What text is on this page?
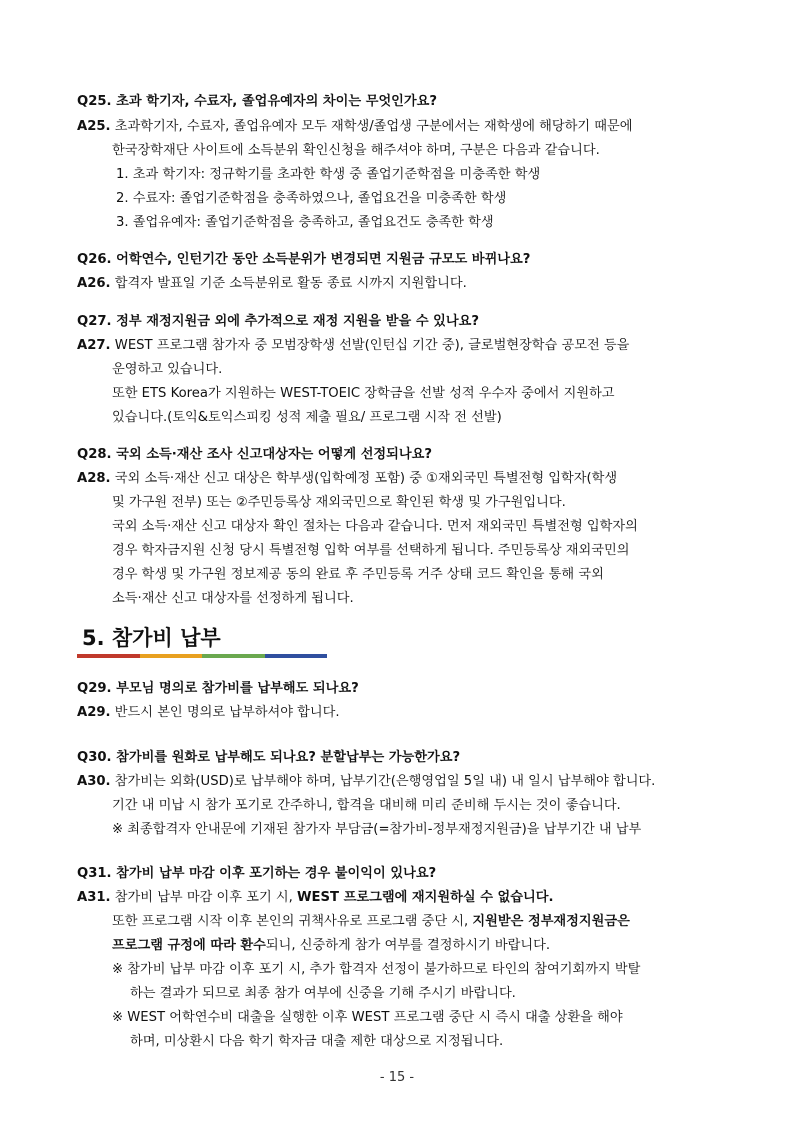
Q25. 초과 학기자, 수료자, 졸업유예자의 차이는 무엇인가요?
A25. 초과학기자, 수료자, 졸업유예자 모두 재학생/졸업생 구분에서는 재학생에 해당하기 때문에
한국장학재단 사이트에 소득분위 확인신청을 해주셔야 하며, 구분은 다음과 같습니다.
1. 초과 학기자: 정규학기를 초과한 학생 중 졸업기준학점을 미충족한 학생
2. 수료자: 졸업기준학점을 충족하였으나, 졸업요건을 미충족한 학생
3. 졸업유예자: 졸업기준학점을 충족하고, 졸업요건도 충족한 학생
Q26. 어학연수, 인턴기간 동안 소득분위가 변경되면 지원금 규모도 바뀌나요?
A26. 합격자 발표일 기준 소득분위로 활동 종료 시까지 지원합니다.
Q27. 정부 재정지원금 외에 추가적으로 재정 지원을 받을 수 있나요?
A27. WEST 프로그램 참가자 중 모범장학생 선발(인턴십 기간 중), 글로벌현장학습 공모전 등을
운영하고 있습니다.
또한 ETS Korea가 지원하는 WEST-TOEIC 장학금을 선발 성적 우수자 중에서 지원하고
있습니다.(토익&토익스피킹 성적 제출 필요/ 프로그램 시작 전 선발)
Q28. 국외 소득·재산 조사 신고대상자는 어떻게 선정되나요?
A28. 국외 소득·재산 신고 대상은 학부생(입학예정 포함) 중 ①재외국민 특별전형 입학자(학생
및 가구원 전부) 또는 ②주민등록상 재외국민으로 확인된 학생 및 가구원입니다.
국외 소득·재산 신고 대상자 확인 절차는 다음과 같습니다. 먼저 재외국민 특별전형 입학자의
경우 학자금지원 신청 당시 특별전형 입학 여부를 선택하게 됩니다. 주민등록상 재외국민의
경우 학생 및 가구원 정보제공 동의 완료 후 주민등록 거주 상태 코드 확인을 통해 국외
소득·재산 신고 대상자를 선정하게 됩니다.
5. 참가비 납부
Q29. 부모님 명의로 참가비를 납부해도 되나요?
A29. 반드시 본인 명의로 납부하셔야 합니다.
Q30. 참가비를 원화로 납부해도 되나요? 분할납부는 가능한가요?
A30. 참가비는 외화(USD)로 납부해야 하며, 납부기간(은행영업일 5일 내) 내 일시 납부해야 합니다.
기간 내 미납 시 참가 포기로 간주하니, 합격을 대비해 미리 준비해 두시는 것이 좋습니다.
※ 최종합격자 안내문에 기재된 참가자 부담금(=참가비-정부재정지원금)을 납부기간 내 납부
Q31. 참가비 납부 마감 이후 포기하는 경우 불이익이 있나요?
A31. 참가비 납부 마감 이후 포기 시, WEST 프로그램에 재지원하실 수 없습니다.
또한 프로그램 시작 이후 본인의 귀책사유로 프로그램 중단 시, 지원받은 정부재정지원금은
프로그램 규정에 따라 환수되니, 신중하게 참가 여부를 결정하시기 바랍니다.
※ 참가비 납부 마감 이후 포기 시, 추가 합격자 선정이 불가하므로 타인의 참여기회까지 박탈
하는 결과가 되므로 최종 참가 여부에 신중을 기해 주시기 바랍니다.
※ WEST 어학연수비 대출을 실행한 이후 WEST 프로그램 중단 시 즉시 대출 상환을 해야
하며, 미상환시 다음 학기 학자금 대출 제한 대상으로 지정됩니다.
- 15 -
